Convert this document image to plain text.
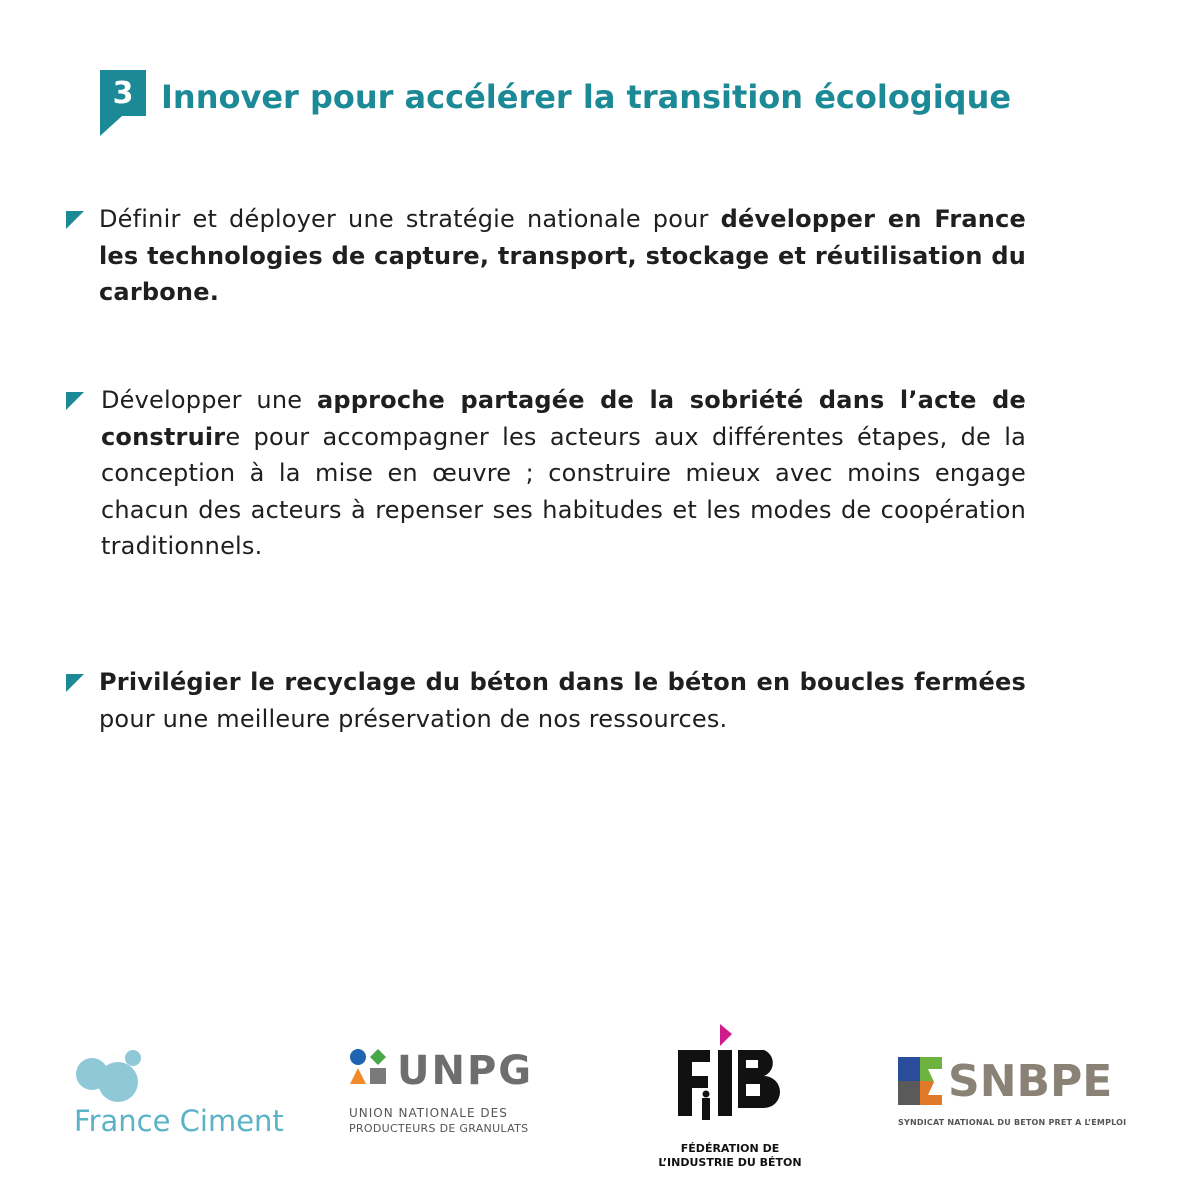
3 Innover pour accélérer la transition écologique

Définir et déployer une stratégie nationale pour développer en France les technologies de capture, transport, stockage et réutilisation du carbone.

Développer une approche partagée de la sobriété dans l’acte de construire pour accompagner les acteurs aux différentes étapes, de la conception à la mise en œuvre ; construire mieux avec moins engage chacun des acteurs à repenser ses habitudes et les modes de coopération traditionnels.

Privilégier le recyclage du béton dans le béton en boucles fermées pour une meilleure préservation de nos ressources.

France Ciment
UNPG
UNION NATIONALE DES
PRODUCTEURS DE GRANULATS
FÉDÉRATION DE
L’INDUSTRIE DU BÉTON
SNBPE
SYNDICAT NATIONAL DU BETON PRET A L’EMPLOI
